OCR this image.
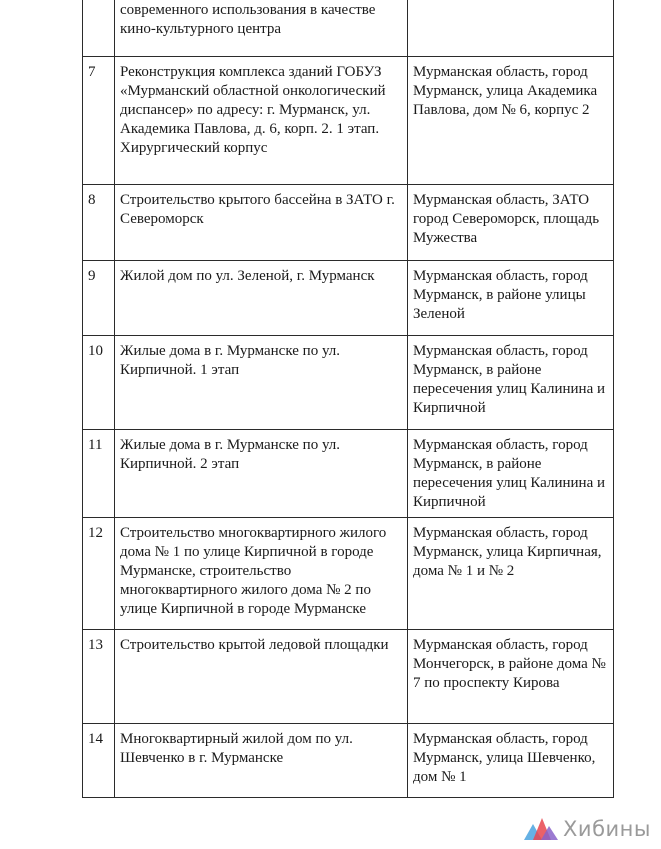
	современного использования в качестве кино-культурного центра	

7	Реконструкция комплекса зданий ГОБУЗ «Мурманский областной онкологический диспансер» по адресу: г. Мурманск, ул. Академика Павлова, д. 6, корп. 2. 1 этап. Хирургический корпус	Мурманская область, город Мурманск, улица Академика Павлова, дом № 6, корпус 2

8	Строительство крытого бассейна в ЗАТО г. Североморск	Мурманская область, ЗАТО город Североморск, площадь Мужества

9	Жилой дом по ул. Зеленой, г. Мурманск	Мурманская область, город Мурманск, в районе улицы Зеленой

10	Жилые дома в г. Мурманске по ул. Кирпичной. 1 этап	Мурманская область, город Мурманск, в районе пересечения улиц Калинина и Кирпичной

11	Жилые дома в г. Мурманске по ул. Кирпичной. 2 этап	Мурманская область, город Мурманск, в районе пересечения улиц Калинина и Кирпичной

12	Строительство многоквартирного жилого дома № 1 по улице Кирпичной в городе Мурманске, строительство многоквартирного жилого дома № 2 по улице Кирпичной в городе Мурманске	Мурманская область, город Мурманск, улица Кирпичная, дома № 1 и № 2

13	Строительство крытой ледовой площадки	Мурманская область, город Мончегорск, в районе дома № 7 по проспекту Кирова

14	Многоквартирный жилой дом по ул. Шевченко в г. Мурманске	Мурманская область, город Мурманск, улица Шевченко, дом № 1
Хибины
